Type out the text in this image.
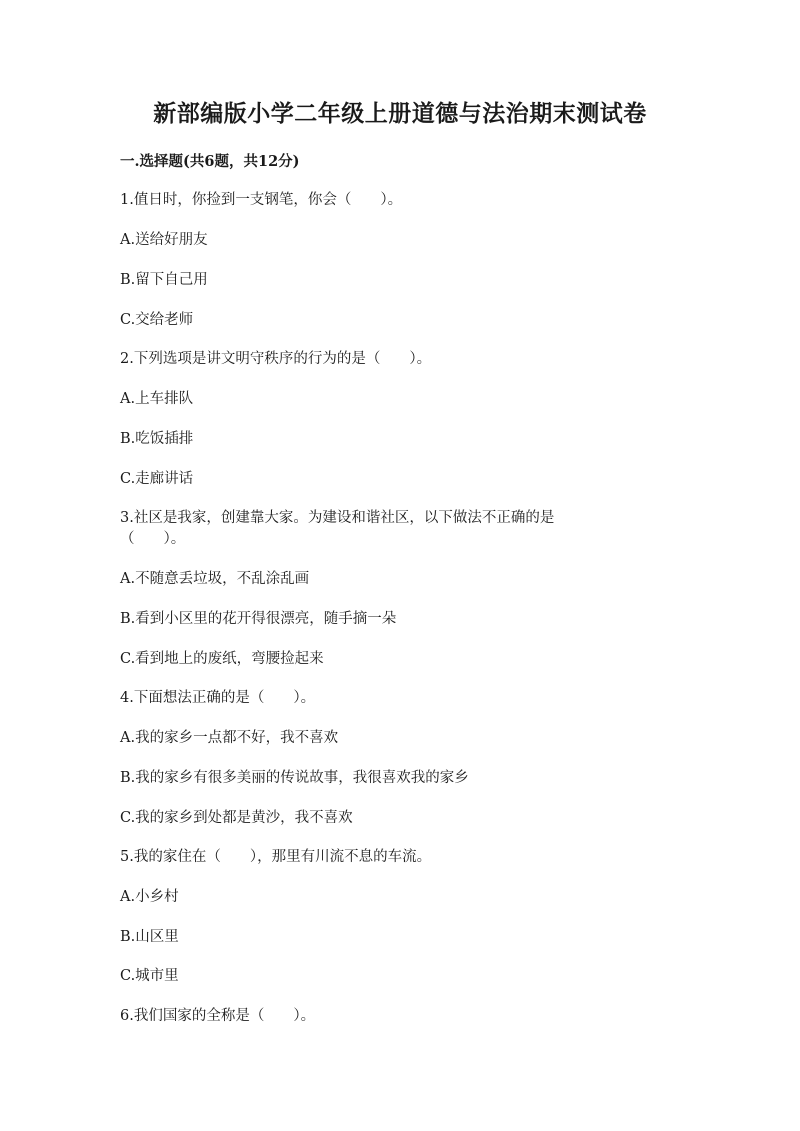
新部编版小学二年级上册道德与法治期末测试卷
一.选择题(共6题，共12分)
1.值日时，你捡到一支钢笔，你会（　　）。
A.送给好朋友
B.留下自己用
C.交给老师
2.下列选项是讲文明守秩序的行为的是（　　）。
A.上车排队
B.吃饭插排
C.走廊讲话
3.社区是我家，创建靠大家。为建设和谐社区，以下做法不正确的是
（　　）。
A.不随意丢垃圾，不乱涂乱画
B.看到小区里的花开得很漂亮，随手摘一朵
C.看到地上的废纸，弯腰捡起来
4.下面想法正确的是（　　）。
A.我的家乡一点都不好，我不喜欢
B.我的家乡有很多美丽的传说故事，我很喜欢我的家乡
C.我的家乡到处都是黄沙，我不喜欢
5.我的家住在（　　），那里有川流不息的车流。
A.小乡村
B.山区里
C.城市里
6.我们国家的全称是（　　）。
